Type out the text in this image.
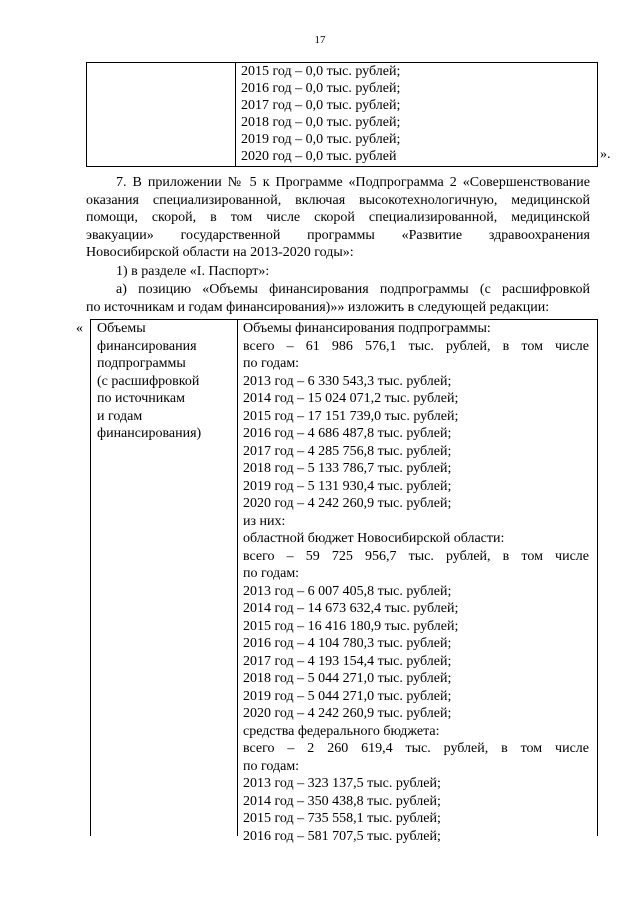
17
2015 год – 0,0 тыс. рублей;
2016 год – 0,0 тыс. рублей;
2017 год – 0,0 тыс. рублей;
2018 год – 0,0 тыс. рублей;
2019 год – 0,0 тыс. рублей;
2020 год – 0,0 тыс. рублей	».
7. В приложении № 5 к Программе «Подпрограмма 2 «Совершенствование
оказания специализированной, включая высокотехнологичную, медицинской
помощи, скорой, в том числе скорой специализированной, медицинской
эвакуации» государственной программы «Развитие здравоохранения
Новосибирской области на 2013-2020 годы»:
1) в разделе «I. Паспорт»:
а) позицию «Объемы финансирования подпрограммы (с расшифровкой
по источникам и годам финансирования)»» изложить в следующей редакции:
« Объемы
финансирования
подпрограммы
(с расшифровкой
по источникам
и годам
финансирования)
Объемы финансирования подпрограммы:
всего – 61 986 576,1 тыс. рублей, в том числе
по годам:
2013 год – 6 330 543,3 тыс. рублей;
2014 год – 15 024 071,2 тыс. рублей;
2015 год – 17 151 739,0 тыс. рублей;
2016 год – 4 686 487,8 тыс. рублей;
2017 год – 4 285 756,8 тыс. рублей;
2018 год – 5 133 786,7 тыс. рублей;
2019 год – 5 131 930,4 тыс. рублей;
2020 год – 4 242 260,9 тыс. рублей;
из них:
областной бюджет Новосибирской области:
всего – 59 725 956,7 тыс. рублей, в том числе
по годам:
2013 год – 6 007 405,8 тыс. рублей;
2014 год – 14 673 632,4 тыс. рублей;
2015 год – 16 416 180,9 тыс. рублей;
2016 год – 4 104 780,3 тыс. рублей;
2017 год – 4 193 154,4 тыс. рублей;
2018 год – 5 044 271,0 тыс. рублей;
2019 год – 5 044 271,0 тыс. рублей;
2020 год – 4 242 260,9 тыс. рублей;
средства федерального бюджета:
всего – 2 260 619,4 тыс. рублей, в том числе
по годам:
2013 год – 323 137,5 тыс. рублей;
2014 год – 350 438,8 тыс. рублей;
2015 год – 735 558,1 тыс. рублей;
2016 год – 581 707,5 тыс. рублей;
